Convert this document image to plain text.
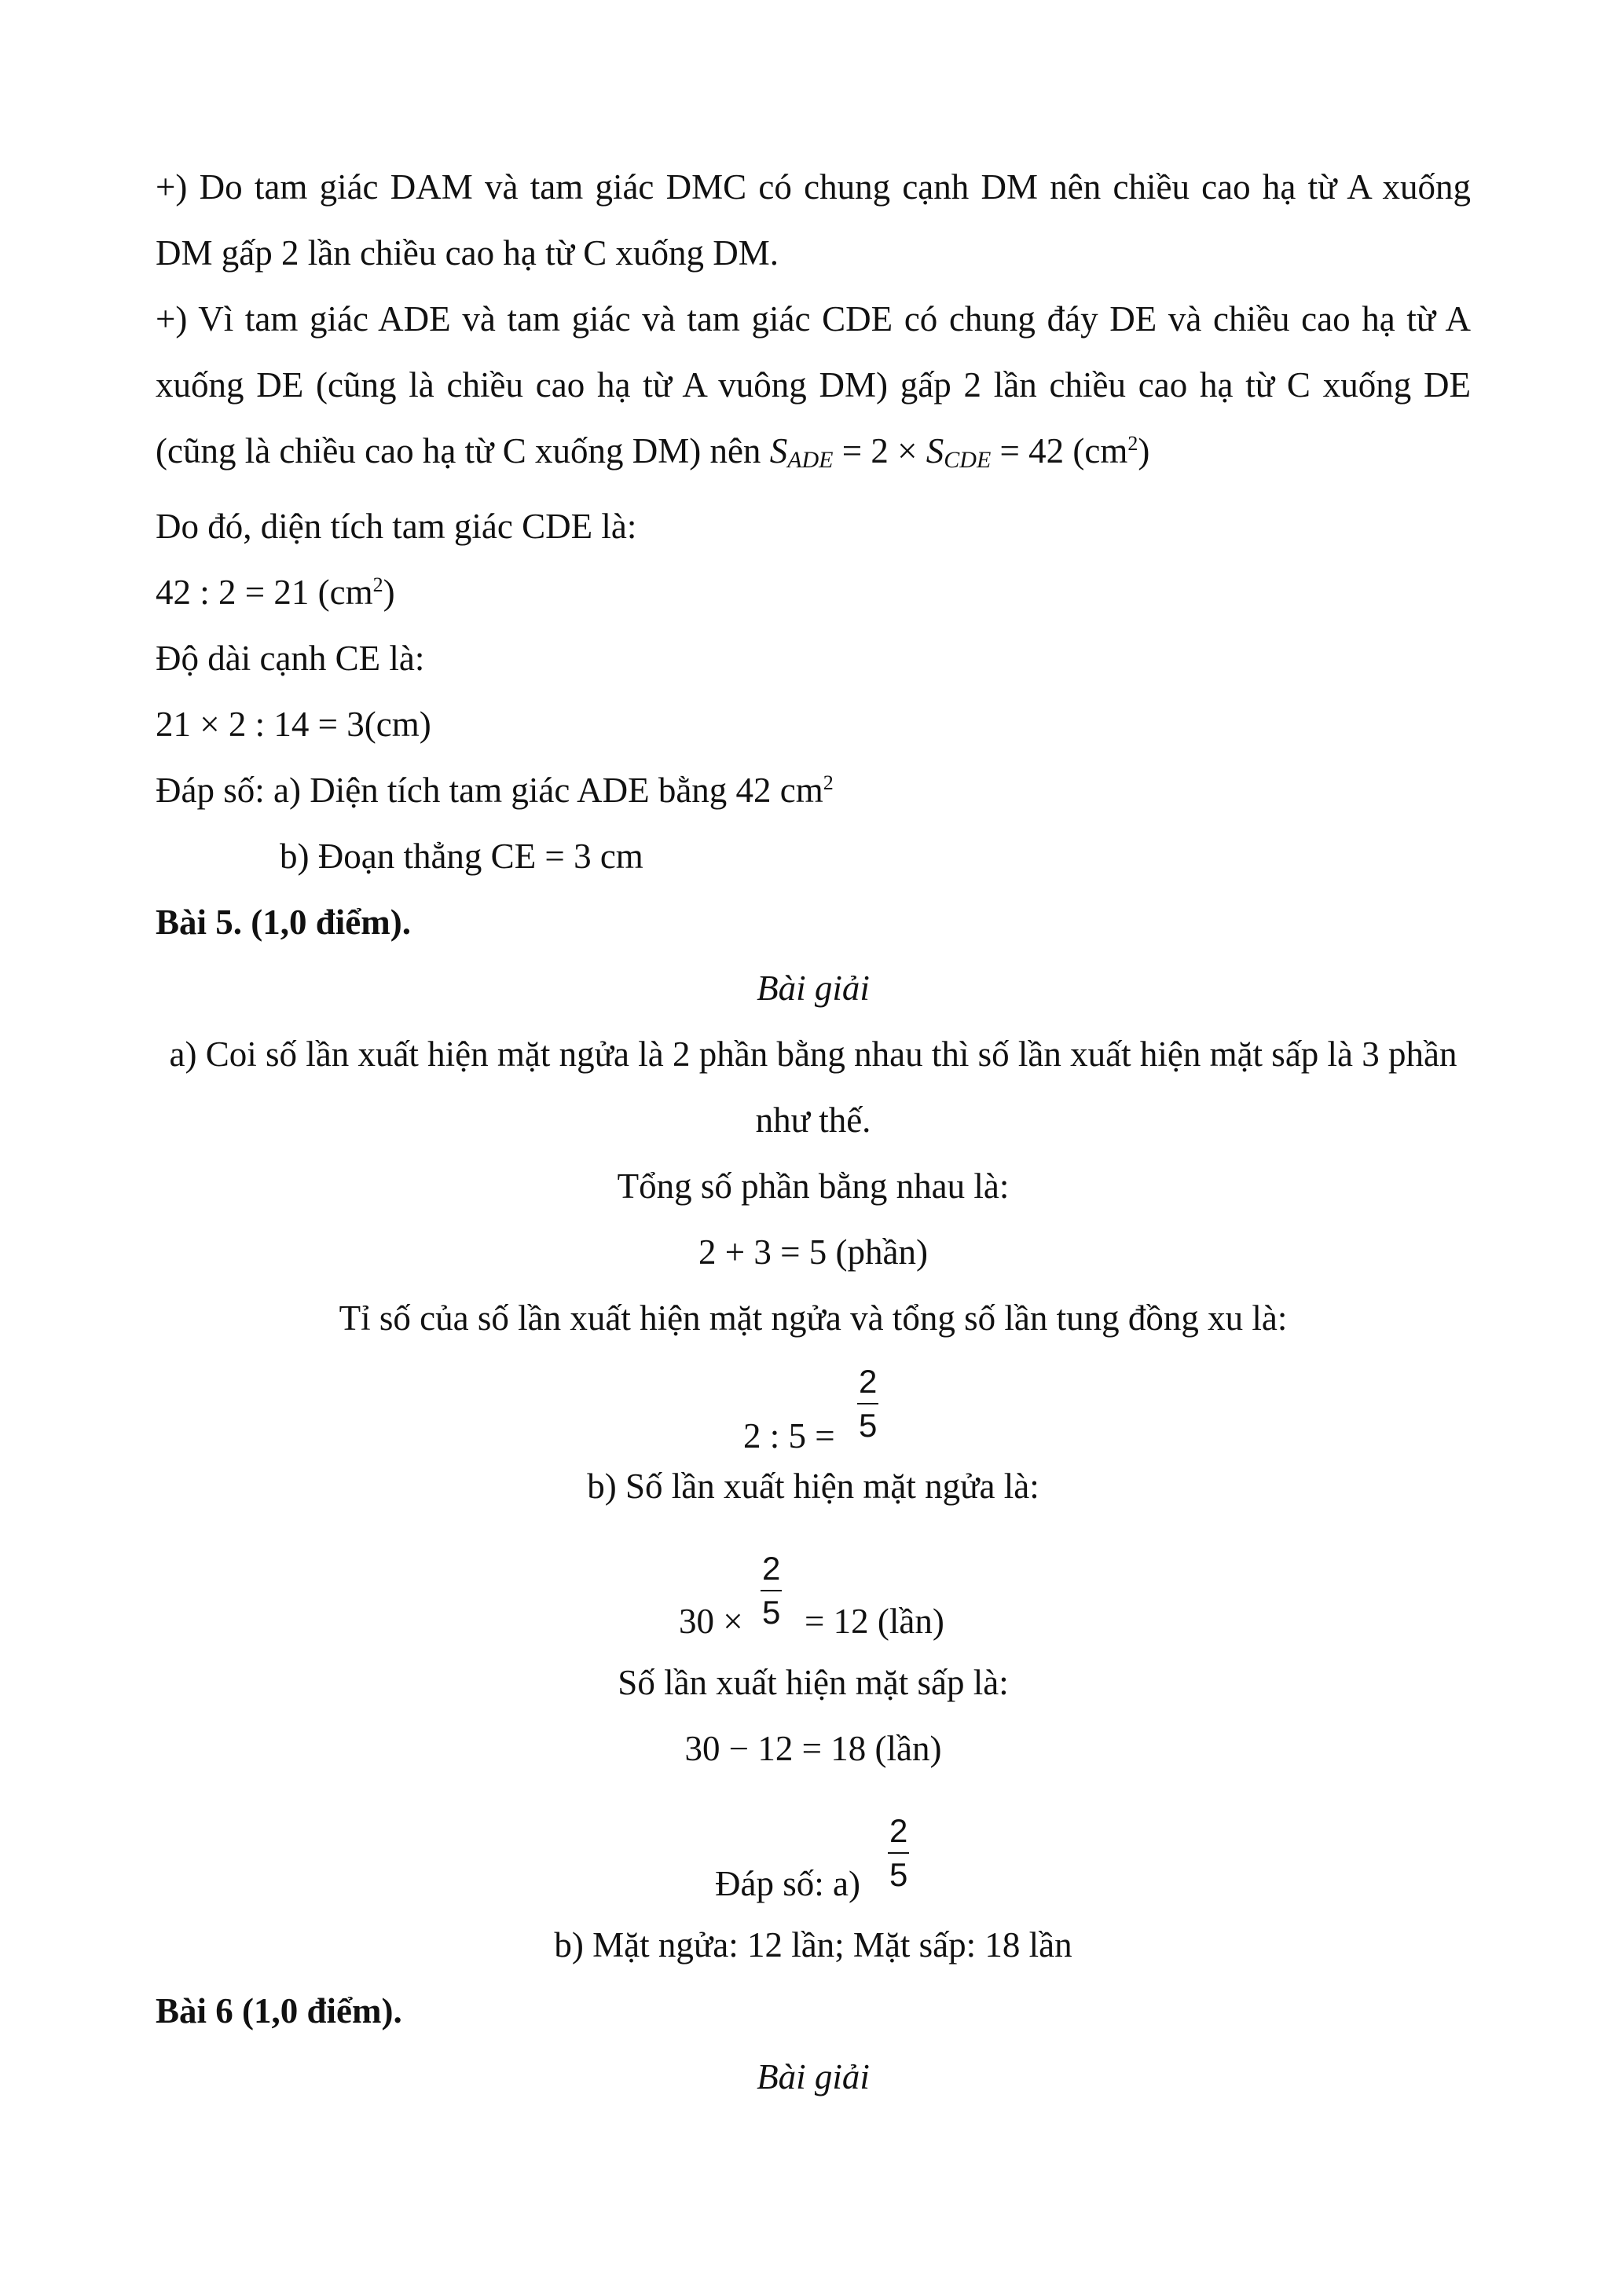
+) Do tam giác DAM và tam giác DMC có chung cạnh DM nên chiều cao hạ từ A xuống DM gấp 2 lần chiều cao hạ từ C xuống DM.

+) Vì tam giác ADE và tam giác và tam giác CDE có chung đáy DE và chiều cao hạ từ A xuống DE (cũng là chiều cao hạ từ A vuông DM) gấp 2 lần chiều cao hạ từ C xuống DE (cũng là chiều cao hạ từ C xuống DM) nên $S_{ADE} = 2 \times S_{CDE} = 42$ $(cm^2)$

Do đó, diện tích tam giác CDE là:

42 : 2 = 21 $(cm^2)$

Độ dài cạnh CE là:

21 × 2 : 14 = 3(cm)

Đáp số: a) Diện tích tam giác ADE bằng 42 $cm^2$

b) Đoạn thẳng CE = 3 cm

Bài 5. (1,0 điểm).

Bài giải

a) Coi số lần xuất hiện mặt ngửa là 2 phần bằng nhau thì số lần xuất hiện mặt sấp là 3 phần như thế.

Tổng số phần bằng nhau là:

2 + 3 = 5 (phần)

Tỉ số của số lần xuất hiện mặt ngửa và tổng số lần tung đồng xu là:

2 : $5 = \frac{2}{5}$

b) Số lần xuất hiện mặt ngửa là:

$30 \times \frac{2}{5} = 12$ (lần)

Số lần xuất hiện mặt sấp là:

30 − 12 = 18 (lần)

Đáp số: $a) \frac{2}{5}$

b) Mặt ngửa: 12 lần; Mặt sấp: 18 lần

Bài 6 (1,0 điểm).

Bài giải
